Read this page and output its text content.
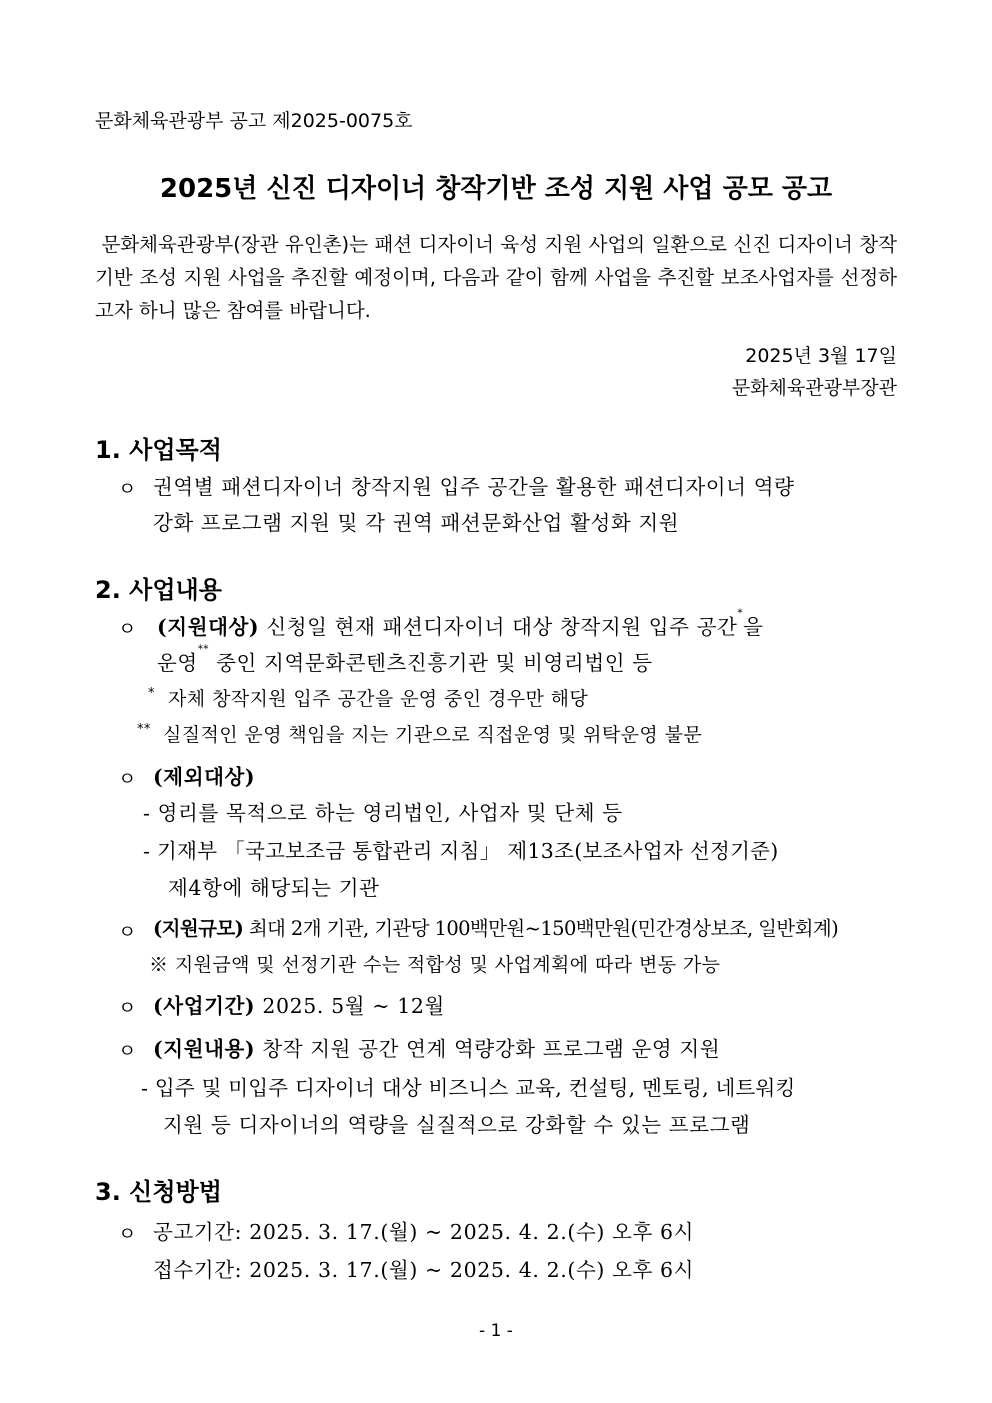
문화체육관광부 공고 제2025-0075호
2025년 신진 디자이너 창작기반 조성 지원 사업 공모 공고
문화체육관광부(장관 유인촌)는 패션 디자이너 육성 지원 사업의 일환으로 신진 디자이너 창작기반 조성 지원 사업을 추진할 예정이며, 다음과 같이 함께 사업을 추진할 보조사업자를 선정하고자 하니 많은 참여를 바랍니다.
2025년 3월 17일
문화체육관광부장관
1. 사업목적
ㅇ 권역별 패션디자이너 창작지원 입주 공간을 활용한 패션디자이너 역량
강화 프로그램 지원 및 각 권역 패션문화산업 활성화 지원
2. 사업내용
ㅇ (지원대상) 신청일 현재 패션디자이너 대상 창작지원 입주 공간*을
운영** 중인 지역문화콘텐츠진흥기관 및 비영리법인 등
* 자체 창작지원 입주 공간을 운영 중인 경우만 해당
** 실질적인 운영 책임을 지는 기관으로 직접운영 및 위탁운영 불문
ㅇ (제외대상)
- 영리를 목적으로 하는 영리법인, 사업자 및 단체 등
- 기재부 「국고보조금 통합관리 지침」 제13조(보조사업자 선정기준)
제4항에 해당되는 기관
ㅇ (지원규모) 최대 2개 기관, 기관당 100백만원~150백만원(민간경상보조, 일반회계)
※ 지원금액 및 선정기관 수는 적합성 및 사업계획에 따라 변동 가능
ㅇ (사업기간) 2025. 5월 ~ 12월
ㅇ (지원내용) 창작 지원 공간 연계 역량강화 프로그램 운영 지원
- 입주 및 미입주 디자이너 대상 비즈니스 교육, 컨설팅, 멘토링, 네트워킹
지원 등 디자이너의 역량을 실질적으로 강화할 수 있는 프로그램
3. 신청방법
ㅇ 공고기간: 2025. 3. 17.(월) ~ 2025. 4. 2.(수) 오후 6시
접수기간: 2025. 3. 17.(월) ~ 2025. 4. 2.(수) 오후 6시
- 1 -
